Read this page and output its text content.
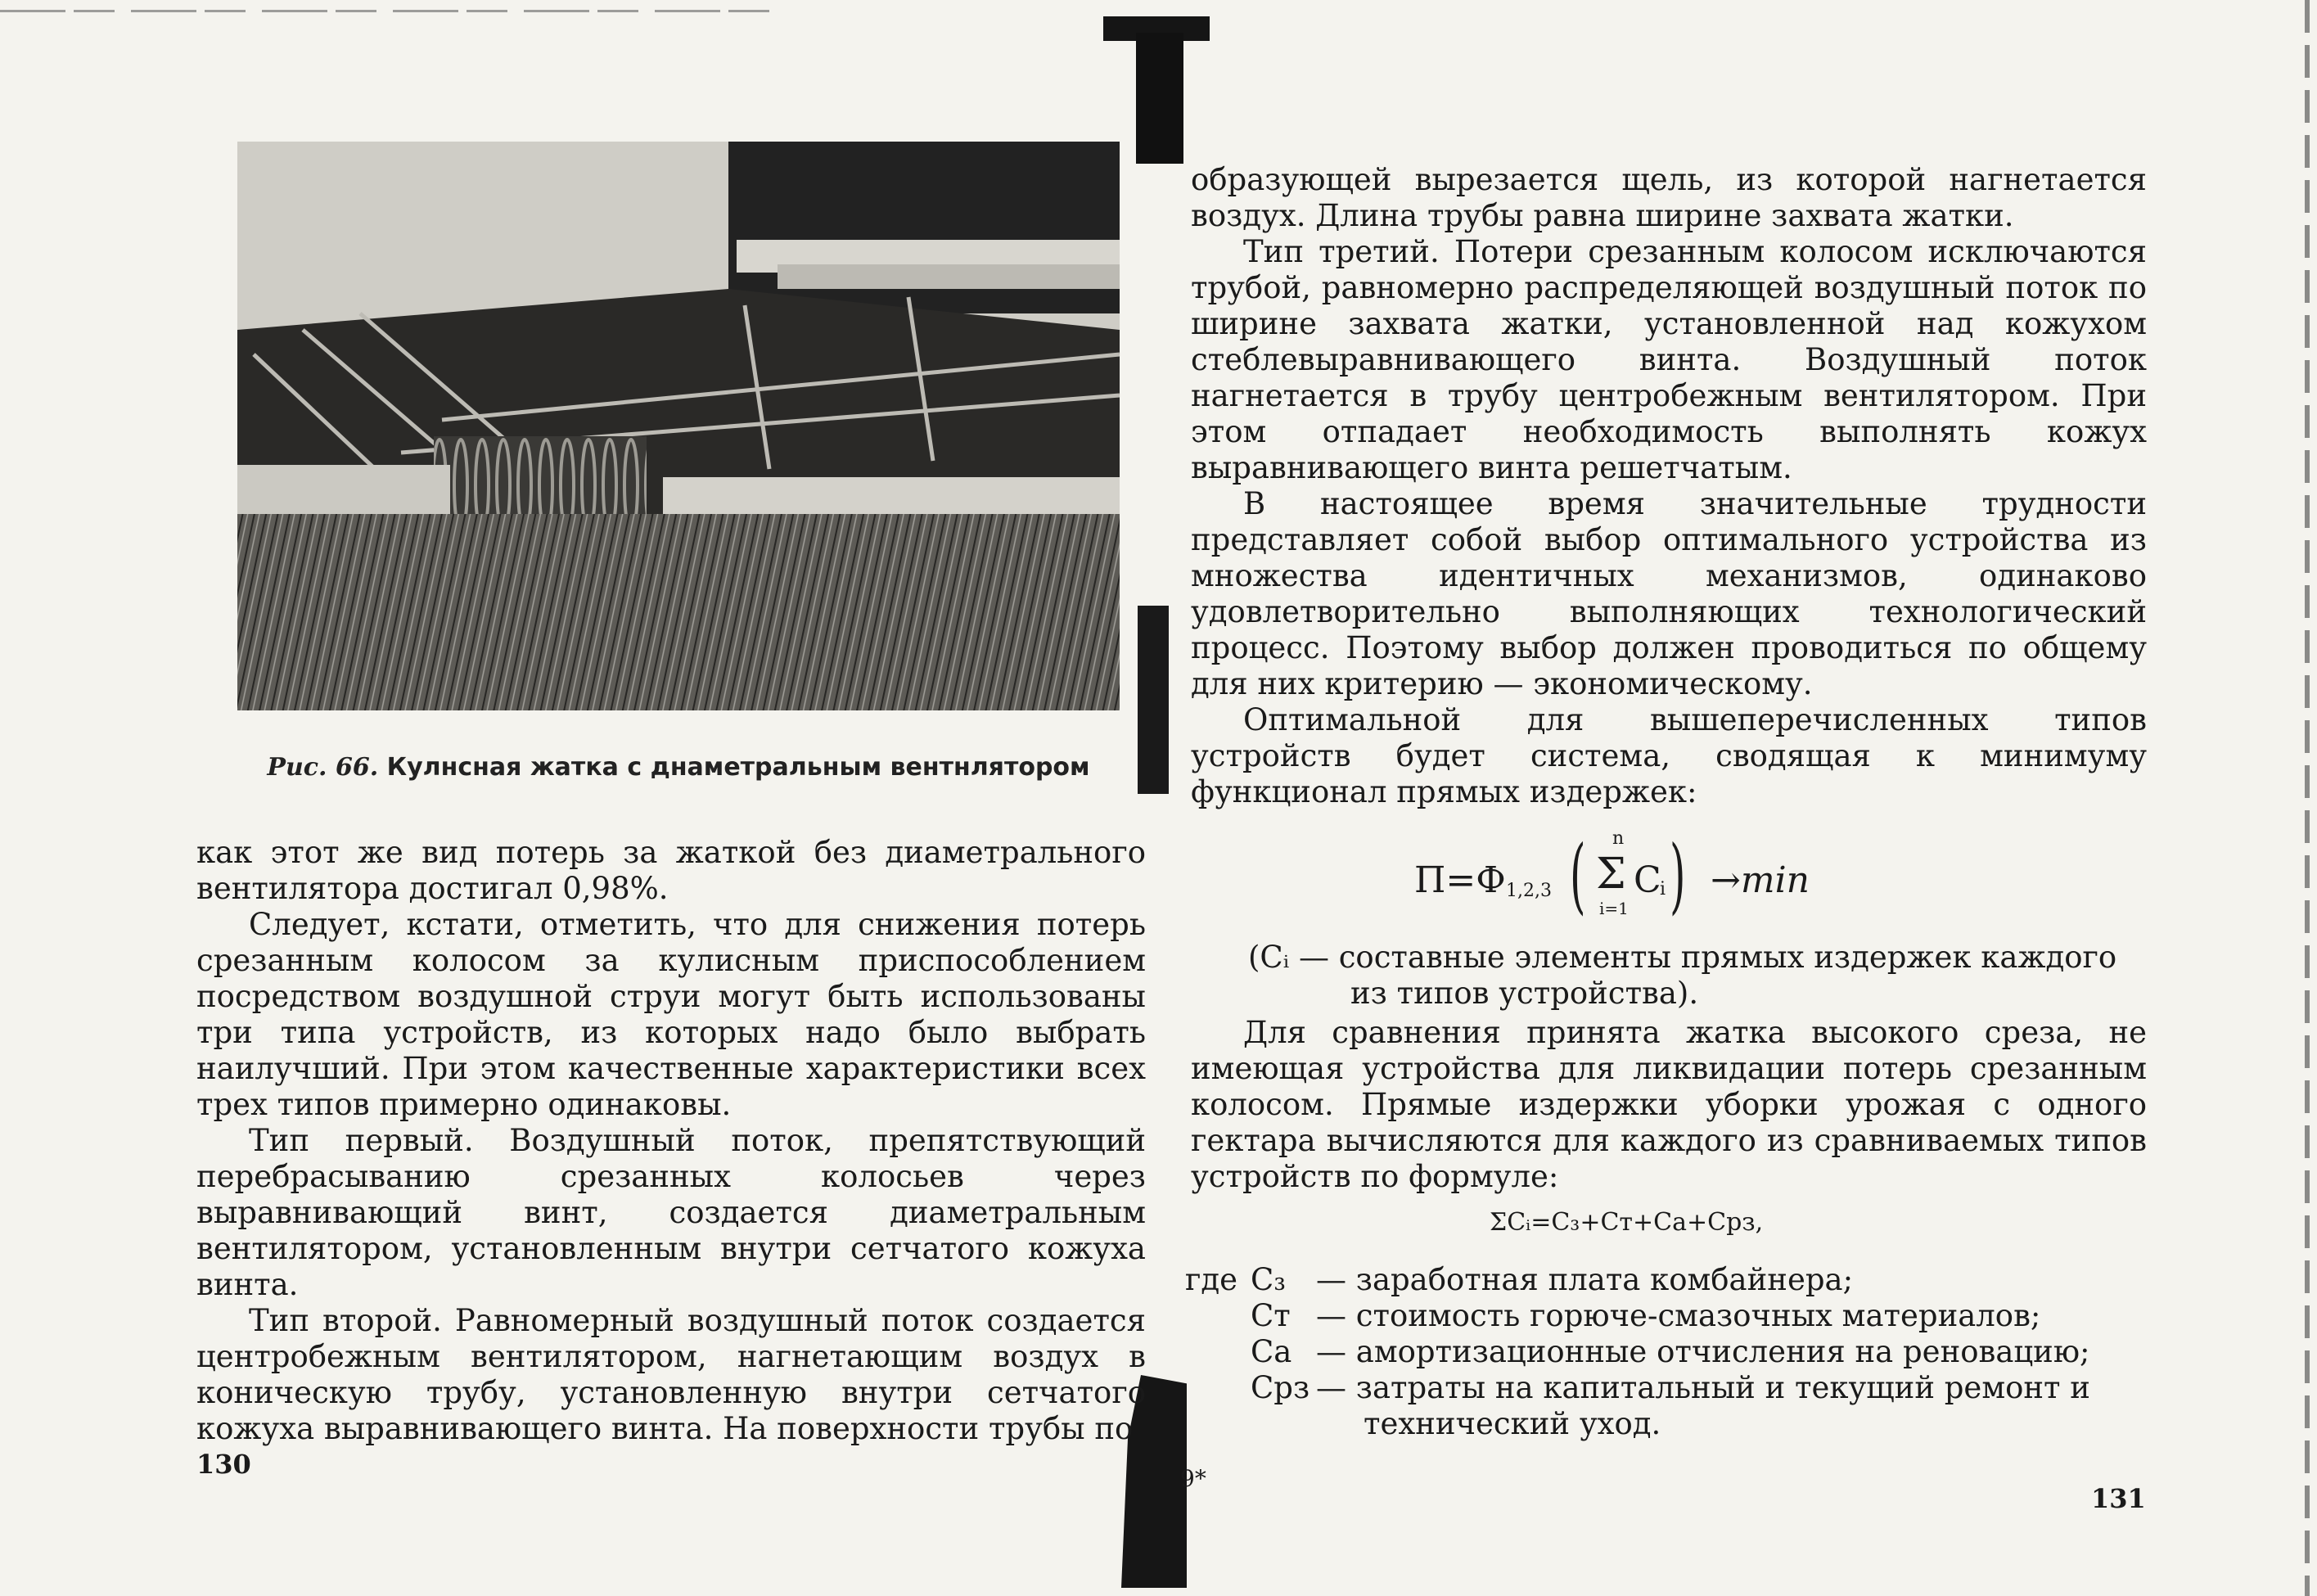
Рис. 66. Кулнсная жатка с днаметральным вентнлятором

как этот же вид потерь за жаткой без диаметрального вентилятора достигал 0,98%.

Следует, кстати, отметить, что для снижения потерь срезанным колосом за кулисным приспособлением посредством воздушной струи могут быть использованы три типа устройств, из которых надо было выбрать наилучший. При этом качественные характеристики всех трех типов примерно одинаковы.

Тип первый. Воздушный поток, препятствующий перебрасыванию срезанных колосьев через выравнивающий винт, создается диаметральным вентилятором, установленным внутри сетчатого кожуха винта.

Тип второй. Равномерный воздушный поток создается центробежным вентилятором, нагнетающим воздух в коническую трубу, установленную внутри сетчатого кожуха выравнивающего винта. На поверхности трубы по

130

образующей вырезается щель, из которой нагнетается воздух. Длина трубы равна ширине захвата жатки.

Тип третий. Потери срезанным колосом исключаются трубой, равномерно распределяющей воздушный поток по ширине захвата жатки, установленной над кожухом стеблевыравнивающего винта. Воздушный поток нагнетается в трубу центробежным вентилятором. При этом отпадает необходимость выполнять кожух выравнивающего винта решетчатым.

В настоящее время значительные трудности представляет собой выбор оптимального устройства из множества идентичных механизмов, одинаково удовлетворительно выполняющих технологический процесс. Поэтому выбор должен проводиться по общему для них критерию — экономическому.

Оптимальной для вышеперечисленных типов устройств будет система, сводящая к минимуму функционал прямых издержек:

П=Ф 1,2,3 ( n
Σ
i=1
C
i ) →min
(Cᵢ — составные элементы прямых издержек каждого
из типов устройства).

Для сравнения принята жатка высокого среза, не имеющая устройства для ликвидации потерь срезанным колосом. Прямые издержки уборки урожая с одного гектара вычисляются для каждого из сравниваемых типов устройств по формуле:

ΣCᵢ=C₃+Cт+Cа+Cрз,
где C₃ — заработная плата комбайнера;
Cт — стоимость горюче-смазочных материалов;
Cа — амортизационные отчисления на реновацию;
Cрз — затраты на капитальный и текущий ремонт и
технический уход.
9*
131
